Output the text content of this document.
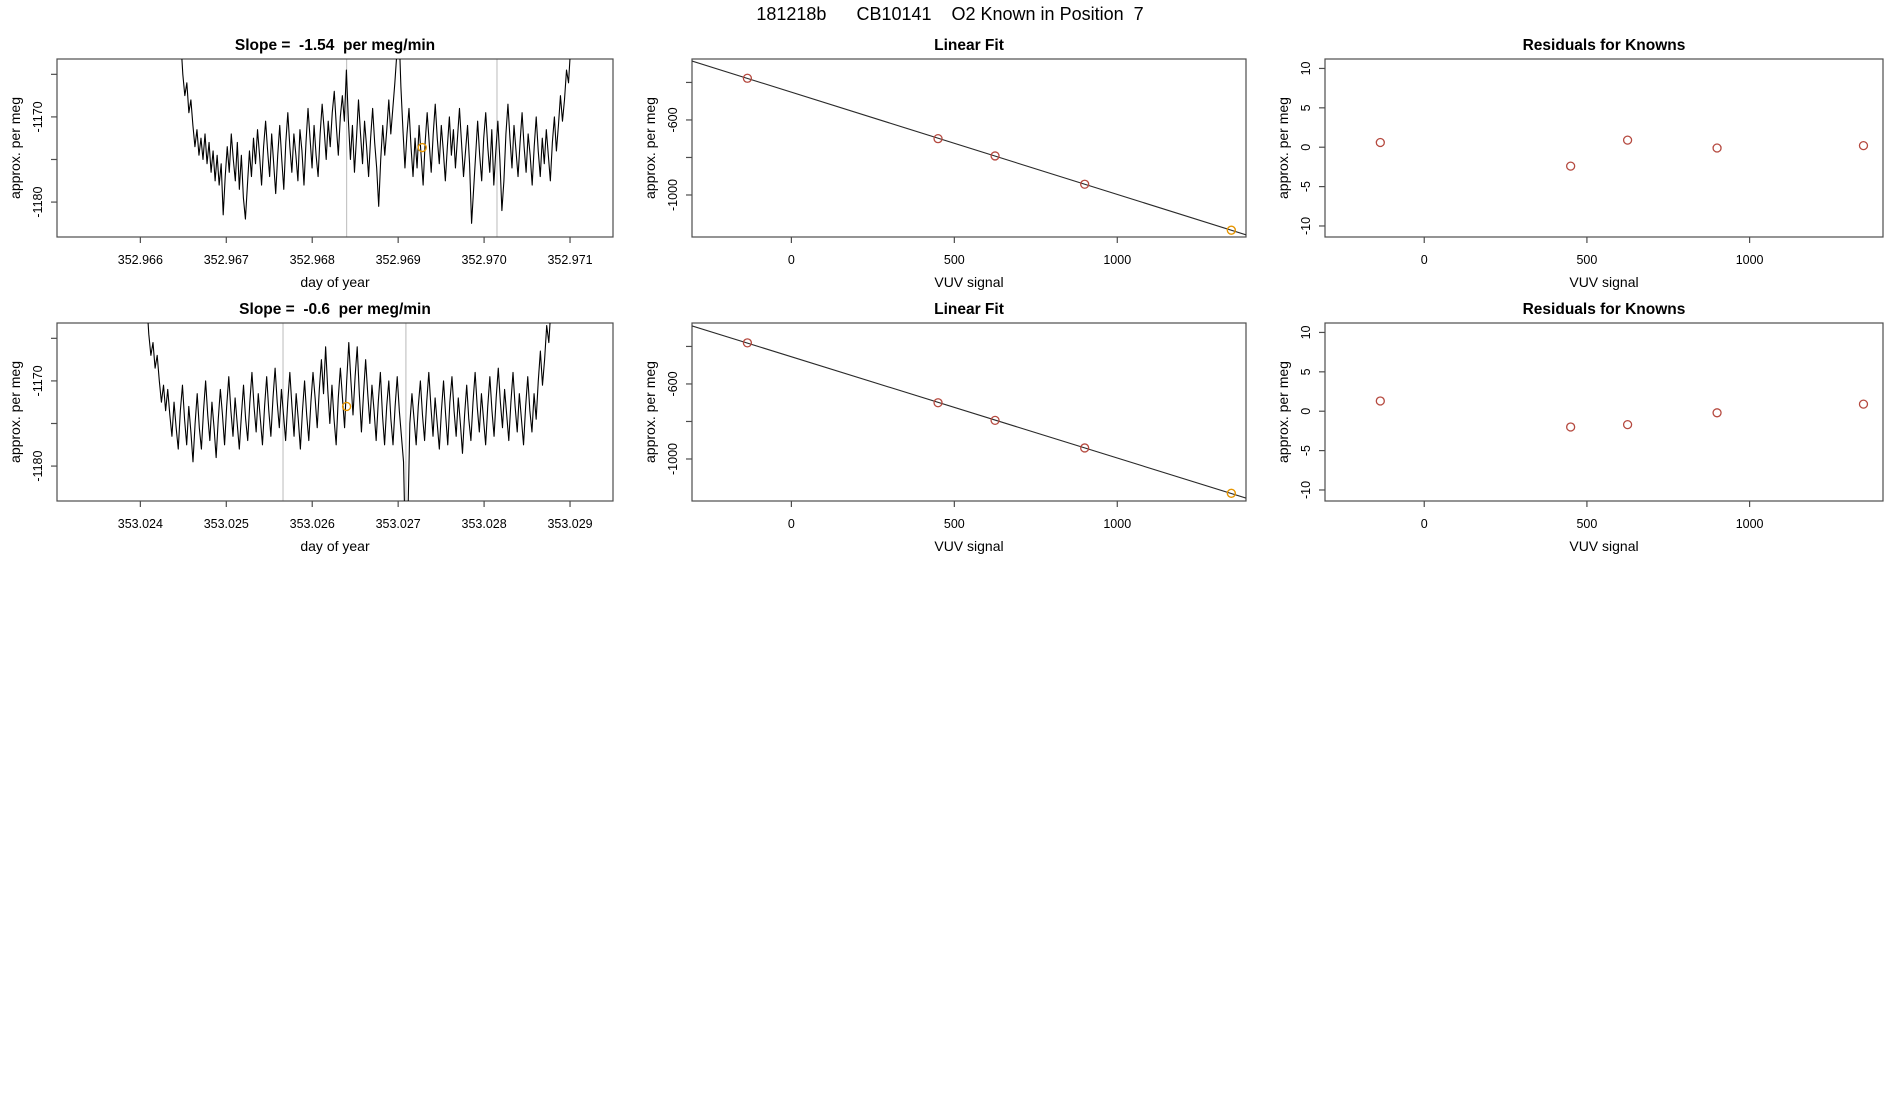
181218b      CB10141    O2 Known in Position  7
352.966	352.967	352.968	352.969	352.970	352.971
day of year
-1170
-1180
approx. per meg
Slope =  -1.54  per meg/min
0	500	1000
VUV signal
-600
-1000
approx. per meg
Linear Fit
0	500	1000
VUV signal
-10
-5
0
5
10
approx. per meg
Residuals for Knowns
353.024	353.025	353.026	353.027	353.028	353.029
day of year
-1170
-1180
approx. per meg
Slope =  -0.6  per meg/min
0	500	1000
VUV signal
-600
-1000
approx. per meg
Linear Fit
0	500	1000
VUV signal
-10
-5
0
5
10
approx. per meg
Residuals for Knowns
